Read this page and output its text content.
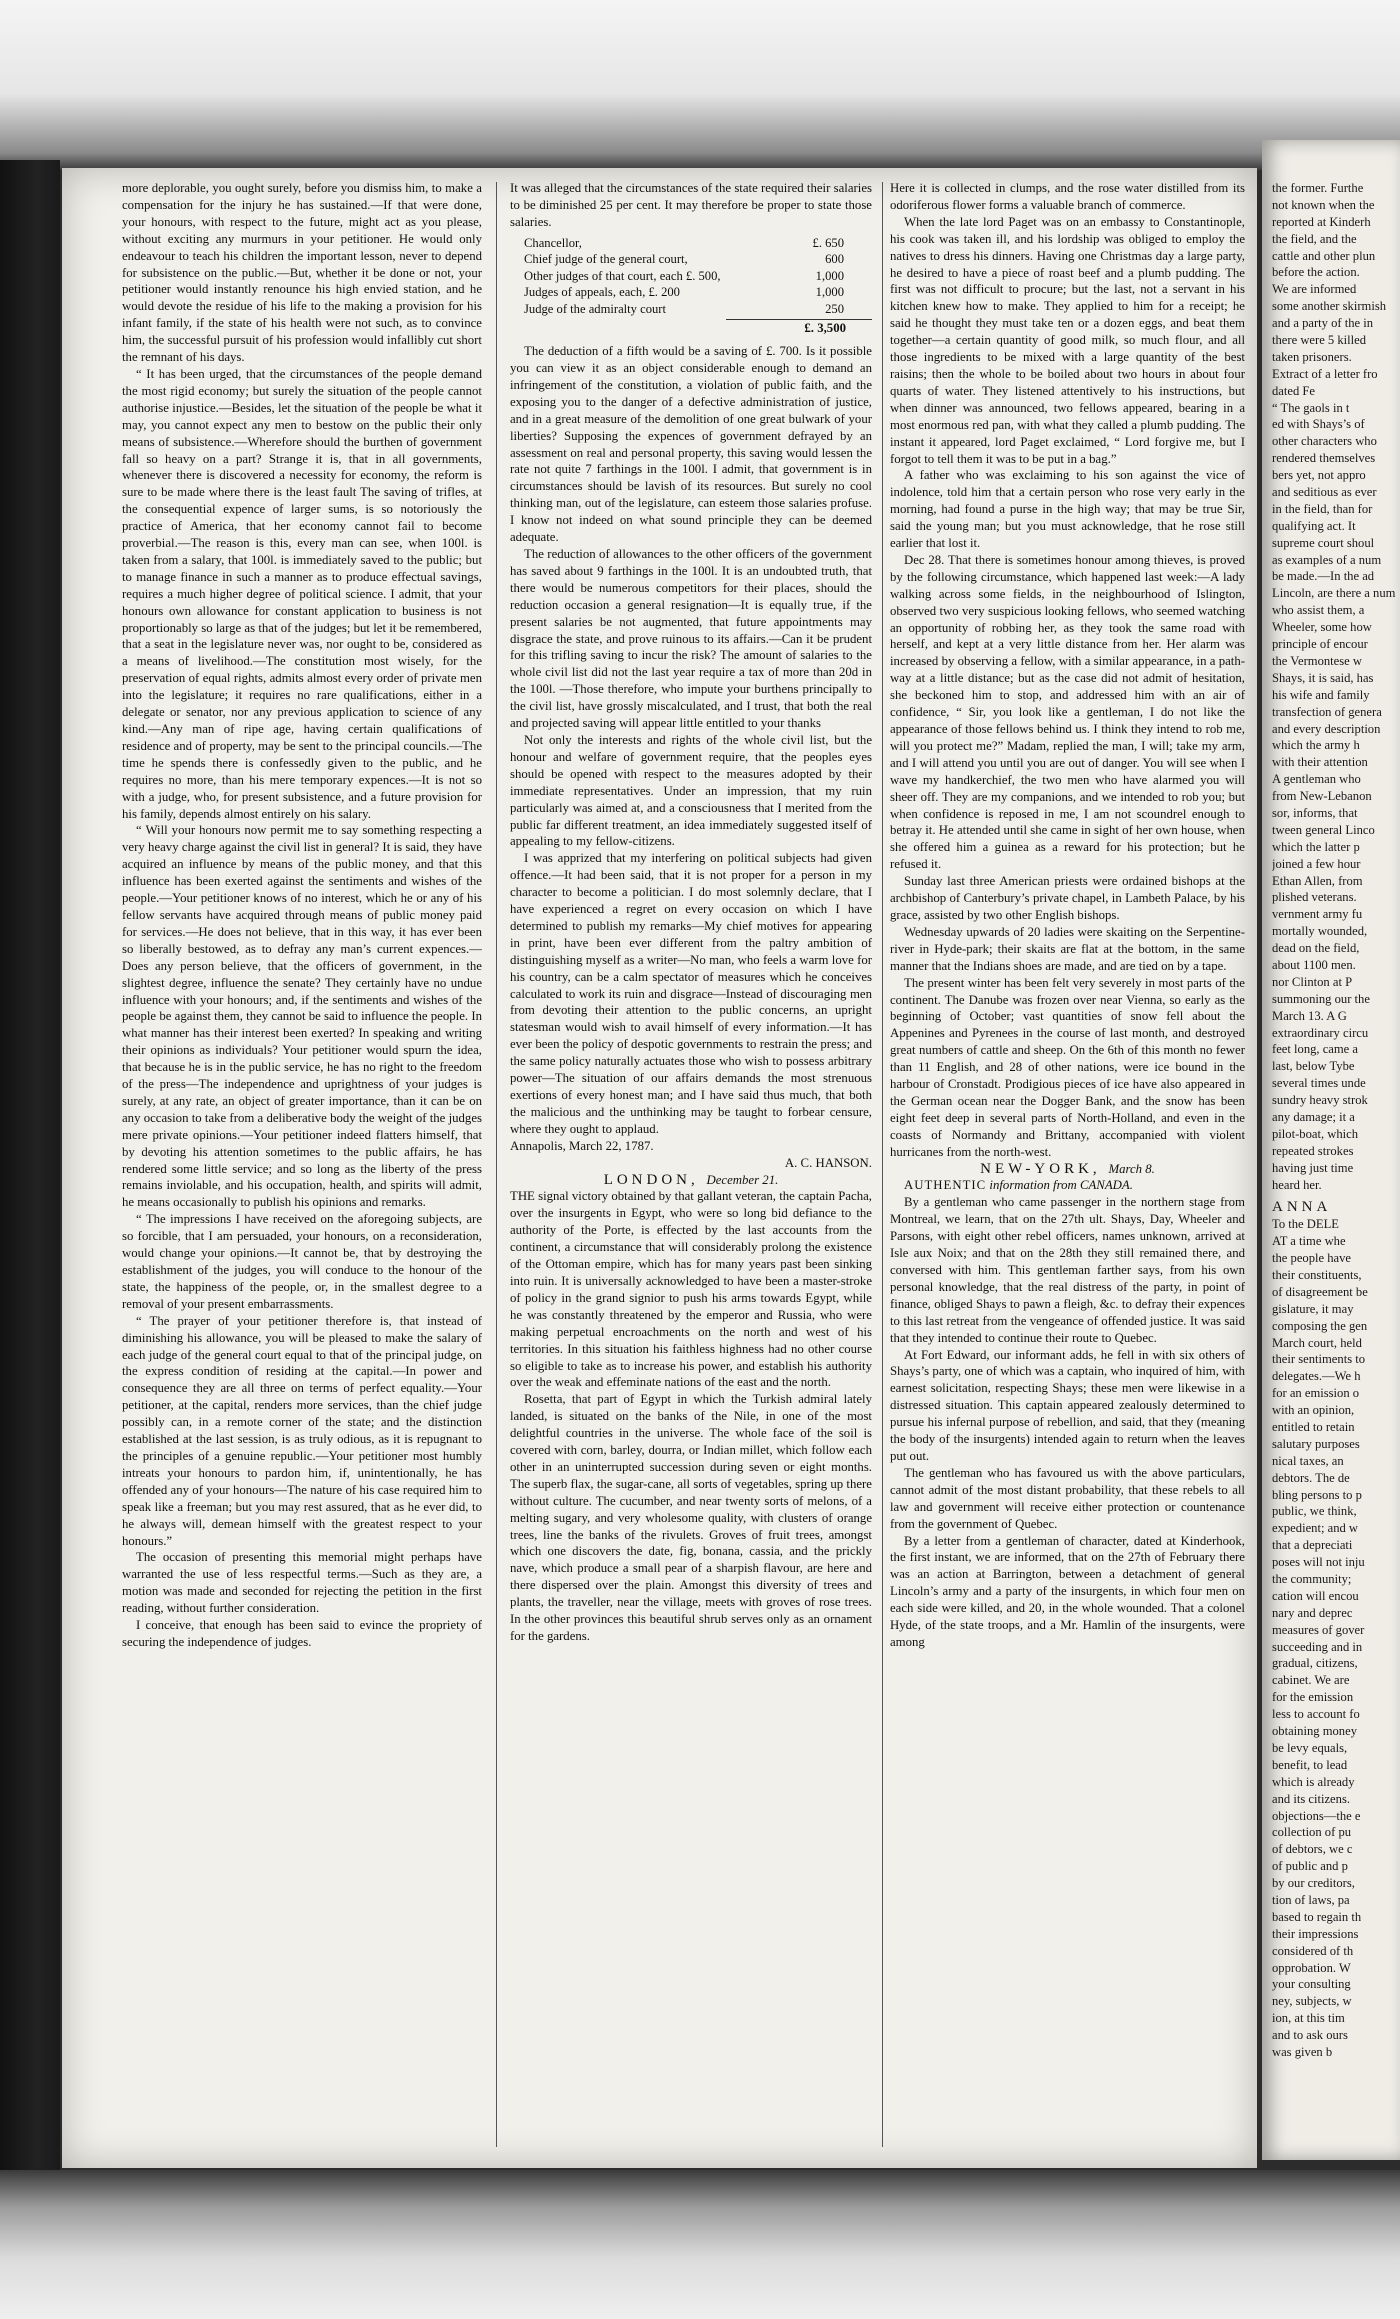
more deplorable, you ought surely, before you dismiss him, to make a compensation for the injury he has sustained.—If that were done, your honours, with respect to the future, might act as you please, without exciting any murmurs in your petitioner. He would only endeavour to teach his children the important lesson, never to depend for subsistence on the public.—But, whether it be done or not, your petitioner would instantly renounce his high envied station, and he would devote the residue of his life to the making a provision for his infant family, if the state of his health were not such, as to convince him, the successful pursuit of his profession would infallibly cut short the remnant of his days.

“ It has been urged, that the circumstances of the people demand the most rigid economy; but surely the situation of the people cannot authorise injustice.—Besides, let the situation of the people be what it may, you cannot expect any men to bestow on the public their only means of subsistence.—Wherefore should the burthen of government fall so heavy on a part? Strange it is, that in all governments, whenever there is discovered a necessity for economy, the reform is sure to be made where there is the least fault The saving of trifles, at the consequential expence of larger sums, is so notoriously the practice of America, that her economy cannot fail to become proverbial.—The reason is this, every man can see, when 100l. is taken from a salary, that 100l. is immediately saved to the public; but to manage finance in such a manner as to produce effectual savings, requires a much higher degree of political science. I admit, that your honours own allowance for constant application to business is not proportionably so large as that of the judges; but let it be remembered, that a seat in the legislature never was, nor ought to be, considered as a means of livelihood.—The constitution most wisely, for the preservation of equal rights, admits almost every order of private men into the legislature; it requires no rare qualifications, either in a delegate or senator, nor any previous application to science of any kind.—Any man of ripe age, having certain qualifications of residence and of property, may be sent to the principal councils.—The time he spends there is confessedly given to the public, and he requires no more, than his mere temporary expences.—It is not so with a judge, who, for present subsistence, and a future provision for his family, depends almost entirely on his salary.

“ Will your honours now permit me to say something respecting a very heavy charge against the civil list in general? It is said, they have acquired an influence by means of the public money, and that this influence has been exerted against the sentiments and wishes of the people.—Your petitioner knows of no interest, which he or any of his fellow servants have acquired through means of public money paid for services.—He does not believe, that in this way, it has ever been so liberally bestowed, as to defray any man’s current expences.—Does any person believe, that the officers of government, in the slightest degree, influence the senate? They certainly have no undue influence with your honours; and, if the sentiments and wishes of the people be against them, they cannot be said to influence the people. In what manner has their interest been exerted? In speaking and writing their opinions as individuals? Your petitioner would spurn the idea, that because he is in the public service, he has no right to the freedom of the press—The independence and uprightness of your judges is surely, at any rate, an object of greater importance, than it can be on any occasion to take from a deliberative body the weight of the judges mere private opinions.—Your petitioner indeed flatters himself, that by devoting his attention sometimes to the public affairs, he has rendered some little service; and so long as the liberty of the press remains inviolable, and his occupation, health, and spirits will admit, he means occasionally to publish his opinions and remarks.

“ The impressions I have received on the aforegoing subjects, are so forcible, that I am persuaded, your honours, on a reconsideration, would change your opinions.—It cannot be, that by destroying the establishment of the judges, you will conduce to the honour of the state, the happiness of the people, or, in the smallest degree to a removal of your present embarrassments.

“ The prayer of your petitioner therefore is, that instead of diminishing his allowance, you will be pleased to make the salary of each judge of the general court equal to that of the principal judge, on the express condition of residing at the capital.—In power and consequence they are all three on terms of perfect equality.—Your petitioner, at the capital, renders more services, than the chief judge possibly can, in a remote corner of the state; and the distinction established at the last session, is as truly odious, as it is repugnant to the principles of a genuine republic.—Your petitioner most humbly intreats your honours to pardon him, if, unintentionally, he has offended any of your honours—The nature of his case required him to speak like a freeman; but you may rest assured, that as he ever did, to he always will, demean himself with the greatest respect to your honours.”

The occasion of presenting this memorial might perhaps have warranted the use of less respectful terms.—Such as they are, a motion was made and seconded for rejecting the petition in the first reading, without further consideration.

I conceive, that enough has been said to evince the propriety of securing the independence of judges.

It was alleged that the circumstances of the state required their salaries to be diminished 25 per cent. It may therefore be proper to state those salaries.

Chancellor,	£. 650
Chief judge of the general court,	600
Other judges of that court, each £. 500,	1,000
Judges of appeals, each, £. 200	1,000
Judge of the admiralty court	250
£. 3,500

The deduction of a fifth would be a saving of £. 700. Is it possible you can view it as an object considerable enough to demand an infringement of the constitution, a violation of public faith, and the exposing you to the danger of a defective administration of justice, and in a great measure of the demolition of one great bulwark of your liberties? Supposing the expences of government defrayed by an assessment on real and personal property, this saving would lessen the rate not quite 7 farthings in the 100l. I admit, that government is in circumstances should be lavish of its resources. But surely no cool thinking man, out of the legislature, can esteem those salaries profuse. I know not indeed on what sound principle they can be deemed adequate.

The reduction of allowances to the other officers of the government has saved about 9 farthings in the 100l. It is an undoubted truth, that there would be numerous competitors for their places, should the reduction occasion a general resignation—It is equally true, if the present salaries be not augmented, that future appointments may disgrace the state, and prove ruinous to its affairs.—Can it be prudent for this trifling saving to incur the risk? The amount of salaries to the whole civil list did not the last year require a tax of more than 20d in the 100l. —Those therefore, who impute your burthens principally to the civil list, have grossly miscalculated, and I trust, that both the real and projected saving will appear little entitled to your thanks

Not only the interests and rights of the whole civil list, but the honour and welfare of government require, that the peoples eyes should be opened with respect to the measures adopted by their immediate representatives. Under an impression, that my ruin particularly was aimed at, and a consciousness that I merited from the public far different treatment, an idea immediately suggested itself of appealing to my fellow-citizens.

I was apprized that my interfering on political subjects had given offence.—It had been said, that it is not proper for a person in my character to become a politician. I do most solemnly declare, that I have experienced a regret on every occasion on which I have determined to publish my remarks—My chief motives for appearing in print, have been ever different from the paltry ambition of distinguishing myself as a writer—No man, who feels a warm love for his country, can be a calm spectator of measures which he conceives calculated to work its ruin and disgrace—Instead of discouraging men from devoting their attention to the public concerns, an upright statesman would wish to avail himself of every information.—It has ever been the policy of despotic governments to restrain the press; and the same policy naturally actuates those who wish to possess arbitrary power—The situation of our affairs demands the most strenuous exertions of every honest man; and I have said thus much, that both the malicious and the unthinking may be taught to forbear censure, where they ought to applaud.

Annapolis, March 22, 1787.
A. C. HANSON.

LONDON, December 21.

THE signal victory obtained by that gallant veteran, the captain Pacha, over the insurgents in Egypt, who were so long bid defiance to the authority of the Porte, is effected by the last accounts from the continent, a circumstance that will considerably prolong the existence of the Ottoman empire, which has for many years past been sinking into ruin. It is universally acknowledged to have been a master-stroke of policy in the grand signior to push his arms towards Egypt, while he was constantly threatened by the emperor and Russia, who were making perpetual encroachments on the north and west of his territories. In this situation his faithless highness had no other course so eligible to take as to increase his power, and establish his authority over the weak and effeminate nations of the east and the north.

Rosetta, that part of Egypt in which the Turkish admiral lately landed, is situated on the banks of the Nile, in one of the most delightful countries in the universe. The whole face of the soil is covered with corn, barley, dourra, or Indian millet, which follow each other in an uninterrupted succession during seven or eight months. The superb flax, the sugar-cane, all sorts of vegetables, spring up there without culture. The cucumber, and near twenty sorts of melons, of a melting sugary, and very wholesome quality, with clusters of orange trees, line the banks of the rivulets. Groves of fruit trees, amongst which one discovers the date, fig, bonana, cassia, and the prickly nave, which produce a small pear of a sharpish flavour, are here and there dispersed over the plain. Amongst this diversity of trees and plants, the traveller, near the village, meets with groves of rose trees. In the other provinces this beautiful shrub serves only as an ornament for the gardens.

Here it is collected in clumps, and the rose water distilled from its odoriferous flower forms a valuable branch of commerce.

When the late lord Paget was on an embassy to Constantinople, his cook was taken ill, and his lordship was obliged to employ the natives to dress his dinners. Having one Christmas day a large party, he desired to have a piece of roast beef and a plumb pudding. The first was not difficult to procure; but the last, not a servant in his kitchen knew how to make. They applied to him for a receipt; he said he thought they must take ten or a dozen eggs, and beat them together—a certain quantity of good milk, so much flour, and all those ingredients to be mixed with a large quantity of the best raisins; then the whole to be boiled about two hours in about four quarts of water. They listened attentively to his instructions, but when dinner was announced, two fellows appeared, bearing in a most enormous red pan, with what they called a plumb pudding. The instant it appeared, lord Paget exclaimed, “ Lord forgive me, but I forgot to tell them it was to be put in a bag.”

A father who was exclaiming to his son against the vice of indolence, told him that a certain person who rose very early in the morning, had found a purse in the high way; that may be true Sir, said the young man; but you must acknowledge, that he rose still earlier that lost it.

Dec 28. That there is sometimes honour among thieves, is proved by the following circumstance, which happened last week:—A lady walking across some fields, in the neighbourhood of Islington, observed two very suspicious looking fellows, who seemed watching an opportunity of robbing her, as they took the same road with herself, and kept at a very little distance from her. Her alarm was increased by observing a fellow, with a similar appearance, in a path-way at a little distance; but as the case did not admit of hesitation, she beckoned him to stop, and addressed him with an air of confidence, “ Sir, you look like a gentleman, I do not like the appearance of those fellows behind us. I think they intend to rob me, will you protect me?” Madam, replied the man, I will; take my arm, and I will attend you until you are out of danger. You will see when I wave my handkerchief, the two men who have alarmed you will sheer off. They are my companions, and we intended to rob you; but when confidence is reposed in me, I am not scoundrel enough to betray it. He attended until she came in sight of her own house, when she offered him a guinea as a reward for his protection; but he refused it.

Sunday last three American priests were ordained bishops at the archbishop of Canterbury’s private chapel, in Lambeth Palace, by his grace, assisted by two other English bishops.

Wednesday upwards of 20 ladies were skaiting on the Serpentine-river in Hyde-park; their skaits are flat at the bottom, in the same manner that the Indians shoes are made, and are tied on by a tape.

The present winter has been felt very severely in most parts of the continent. The Danube was frozen over near Vienna, so early as the beginning of October; vast quantities of snow fell about the Appenines and Pyrenees in the course of last month, and destroyed great numbers of cattle and sheep. On the 6th of this month no fewer than 11 English, and 28 of other nations, were ice bound in the harbour of Cronstadt. Prodigious pieces of ice have also appeared in the German ocean near the Dogger Bank, and the snow has been eight feet deep in several parts of North-Holland, and even in the coasts of Normandy and Brittany, accompanied with violent hurricanes from the north-west.

NEW-YORK, March 8.

AUTHENTIC information from CANADA.

By a gentleman who came passenger in the northern stage from Montreal, we learn, that on the 27th ult. Shays, Day, Wheeler and Parsons, with eight other rebel officers, names unknown, arrived at Isle aux Noix; and that on the 28th they still remained there, and conversed with him. This gentleman farther says, from his own personal knowledge, that the real distress of the party, in point of finance, obliged Shays to pawn a fleigh, &c. to defray their expences to this last retreat from the vengeance of offended justice. It was said that they intended to continue their route to Quebec.

At Fort Edward, our informant adds, he fell in with six others of Shays’s party, one of which was a captain, who inquired of him, with earnest solicitation, respecting Shays; these men were likewise in a distressed situation. This captain appeared zealously determined to pursue his infernal purpose of rebellion, and said, that they (meaning the body of the insurgents) intended again to return when the leaves put out.

The gentleman who has favoured us with the above particulars, cannot admit of the most distant probability, that these rebels to all law and government will receive either protection or countenance from the government of Quebec.

By a letter from a gentleman of character, dated at Kinderhook, the first instant, we are informed, that on the 27th of February there was an action at Barrington, between a detachment of general Lincoln’s army and a party of the insurgents, in which four men on each side were killed, and 20, in the whole wounded. That a colonel Hyde, of the state troops, and a Mr. Hamlin of the insurgents, were among

the former. Furthe
not known when the
reported at Kinderh
the field, and the
cattle and other plun
before the action.
We are informed
some another skirmish
and a party of the in
there were 5 killed
taken prisoners.
Extract of a letter fro
dated Fe
“ The gaols in t
ed with Shays’s of
other characters who
rendered themselves
bers yet, not appro
and seditious as ever
in the field, than for
qualifying act. It
supreme court shoul
as examples of a num
be made.—In the ad
Lincoln, are there a num
who assist them, a
Wheeler, some how
principle of encour
the Vermontese w
Shays, it is said, has
his wife and family
transfection of genera
and every description
which the army h
with their attention
A gentleman who
from New-Lebanon
sor, informs, that
tween general Linco
which the latter p
joined a few hour
Ethan Allen, from
plished veterans.
vernment army fu
mortally wounded,
dead on the field,
about 1100 men.
nor Clinton at P
summoning our the
March 13. A G
extraordinary circu
feet long, came a
last, below Tybe
several times unde
sundry heavy strok
any damage; it a
pilot-boat, which
repeated strokes
having just time
heard her.
ANNA
To the DELE
AT a time whe
the people have
their constituents,
of disagreement be
gislature, it may
composing the gen
March court, held
their sentiments to
delegates.—We h
for an emission o
with an opinion,
entitled to retain
salutary purposes
nical taxes, an
debtors. The de
bling persons to p
public, we think,
expedient; and w
that a depreciati
poses will not inju
the community;
cation will encou
nary and deprec
measures of gover
succeeding and in
gradual, citizens,
cabinet. We are
for the emission
less to account fo
obtaining money
be levy equals,
benefit, to lead
which is already
and its citizens.
objections—the e
collection of pu
of debtors, we c
of public and p
by our creditors,
tion of laws, pa
based to regain th
their impressions
considered of th
opprobation. W
your consulting
ney, subjects, w
ion, at this tim
and to ask ours
was given b
